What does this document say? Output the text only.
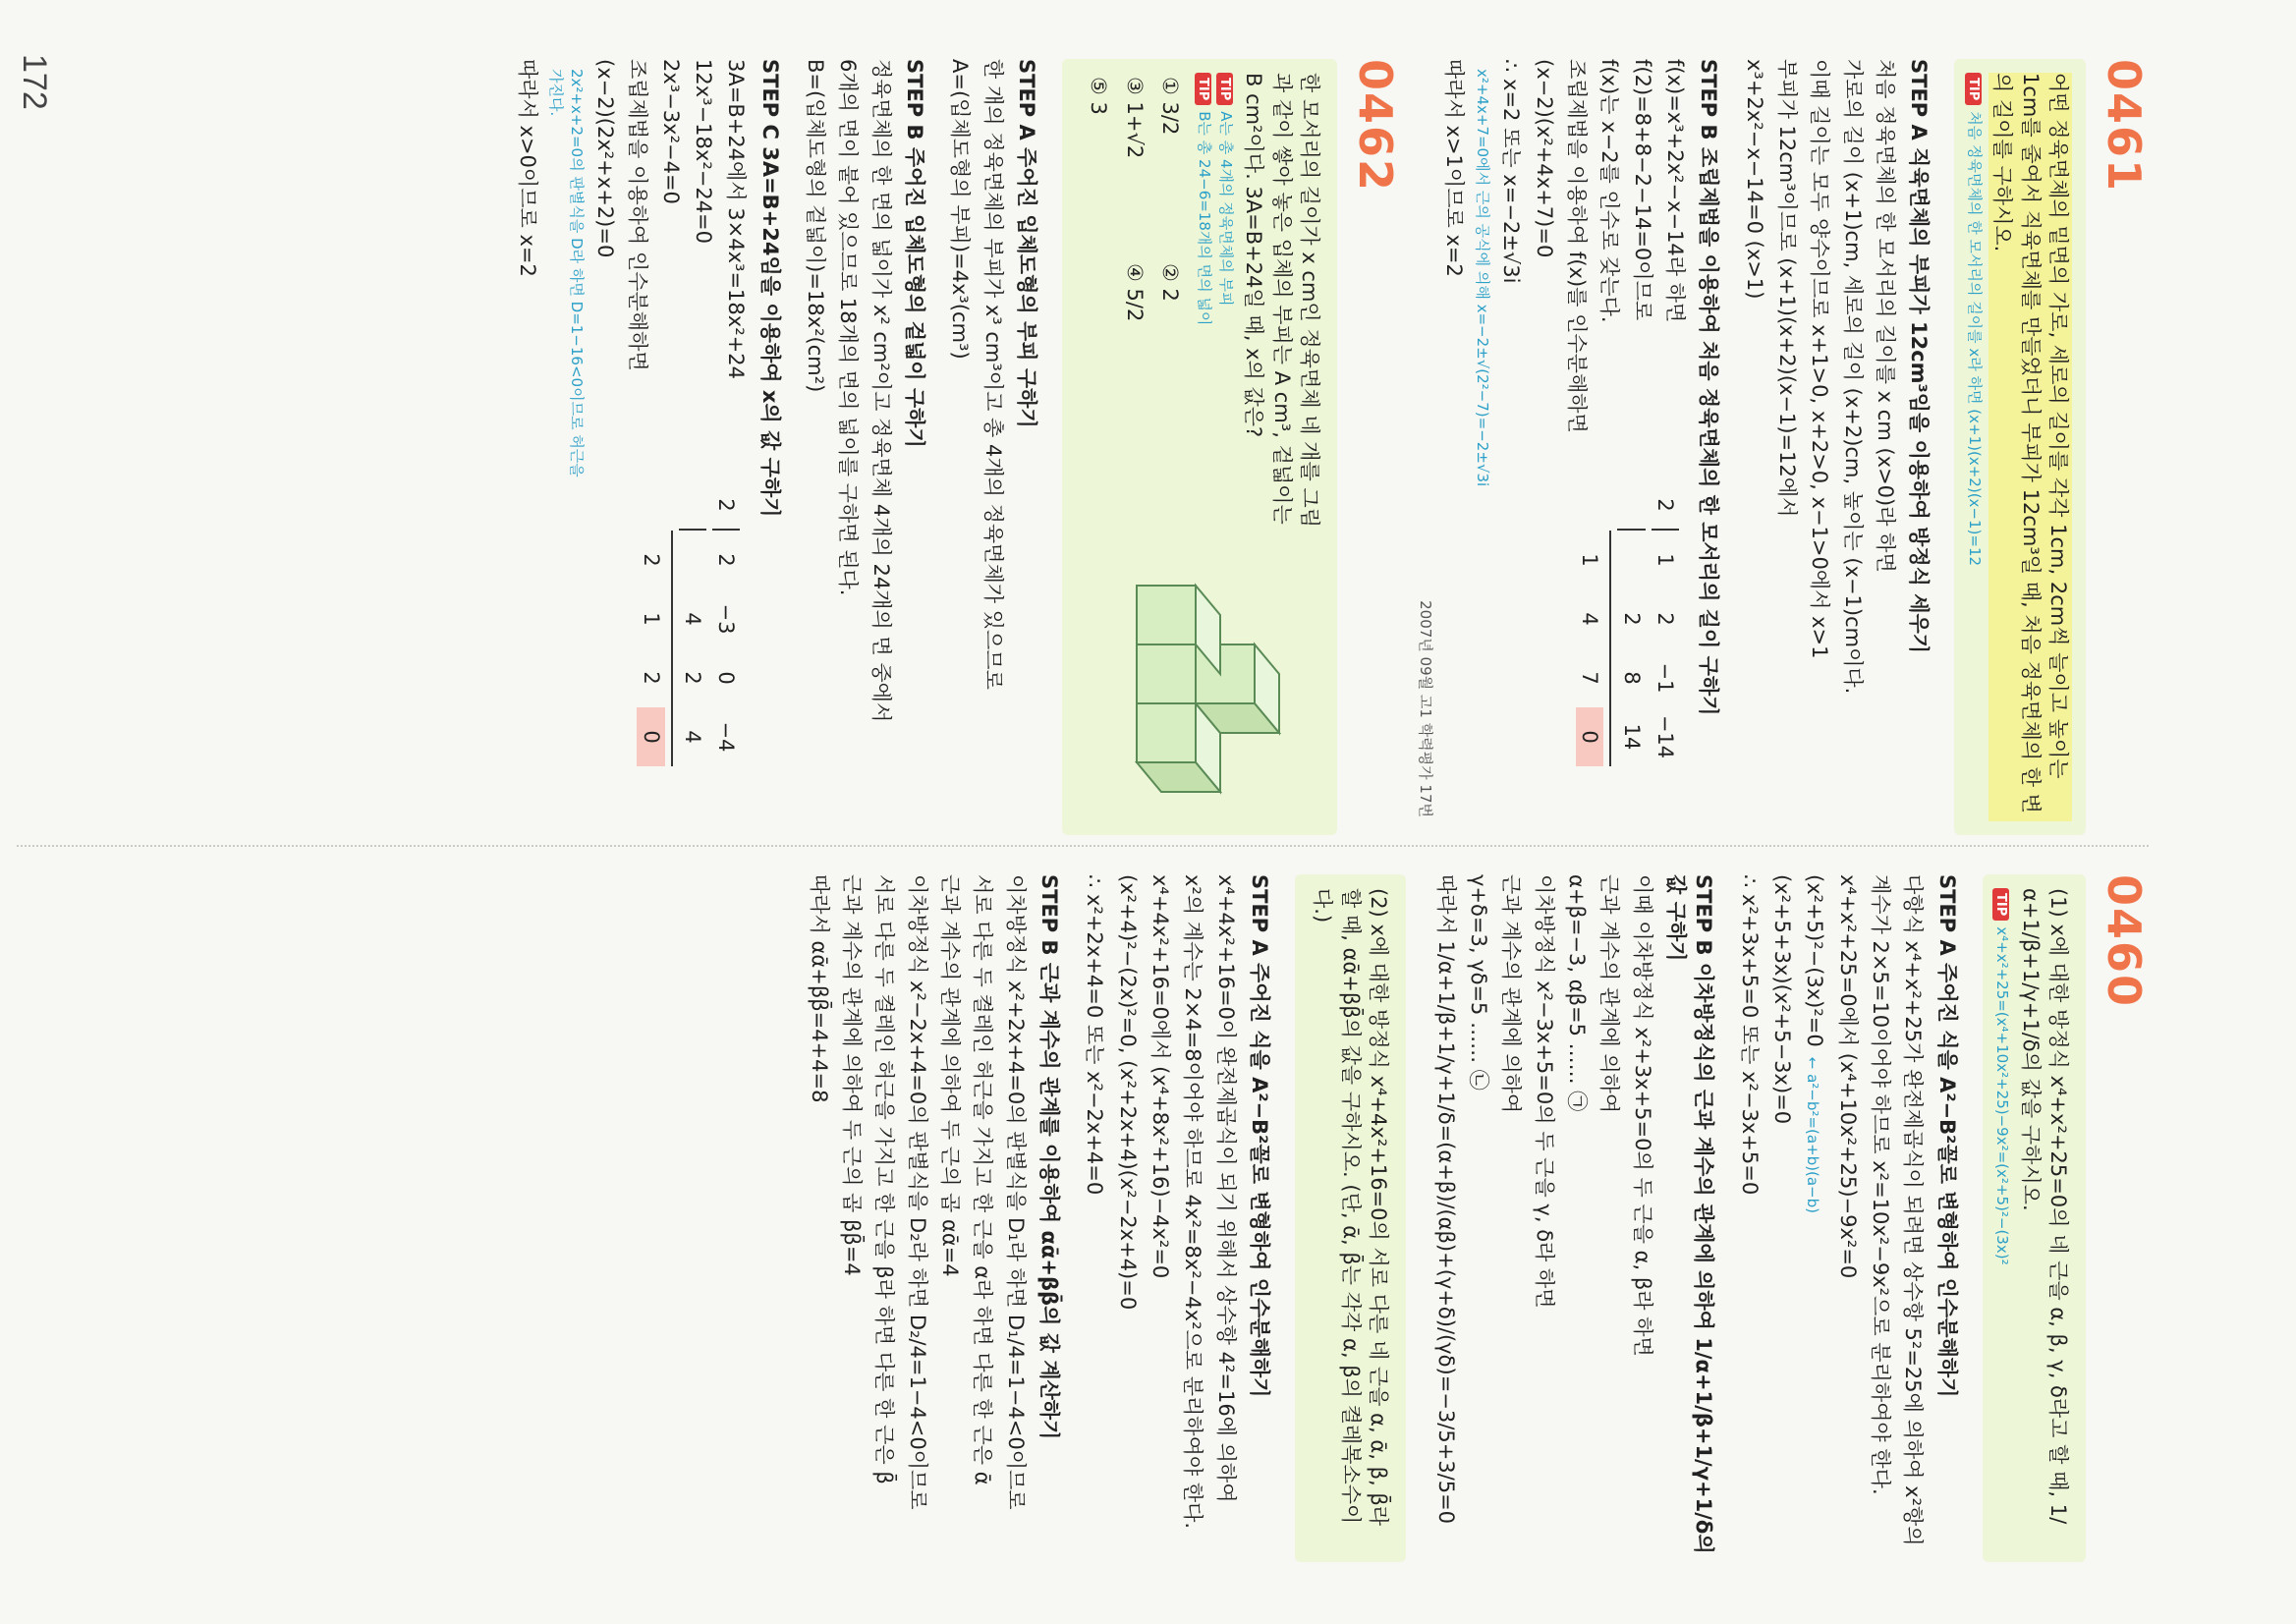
0461
어떤 정육면체의 밑면의 가로, 세로의 길이를 각각 1cm, 2cm씩 늘이고 높이는 1cm를 줄여서 직육면체를 만들었더니 부피가 12cm³일 때, 처음 정육면체의 한 변의 길이를 구하시오.
TIP처음 정육면체의 한 모서리의 길이를 x라 하면 (x+1)(x+2)(x−1)=12
STEP A 직육면체의 부피가 12cm³임을 이용하여 방정식 세우기
처음 정육면체의 한 모서리의 길이를 x cm (x>0)라 하면
가로의 길이 (x+1)cm, 세로의 길이 (x+2)cm, 높이는 (x−1)cm이다.
이때 길이는 모두 양수이므로 x+1>0, x+2>0, x−1>0에서 x>1
부피가 12cm³이므로 (x+1)(x+2)(x−1)=12에서
x³+2x²−x−14=0 (x>1)
STEP B 조립제법을 이용하여 처음 정육면체의 한 모서리의 길이 구하기
f(x)=x³+2x²−x−14라 하면
f(2)=8+8−2−14=0이므로
f(x)는 x−2를 인수로 갖는다.
조립제법을 이용하여 f(x)를 인수분해하면
(x−2)(x²+4x+7)=0
∴ x=2 또는 x=−2±√3i
x²+4x+7=0에서 근의 공식에 의해 x=−2±√(2²−7)=−2±√3i
따라서 x>1이므로 x=2
2
1
2
−1
−14
2
8
14
1
4
7
0
2007년 09월 고1 학력평가 17번
0462
한 모서리의 길이가 x cm인 정육면체 네 개를 그림과 같이 쌓아 놓은 입체의 부피는 A cm³, 겉넓이는 B cm²이다. 3A=B+24일 때, x의 값은?
TIPA는 총 4개의 정육면체의 부피
TIPB는 총 24−6=18개의 면의 넓이
① 3/2
② 2
③ 1+√2
④ 5/2
⑤ 3
STEP A 주어진 입체도형의 부피 구하기
한 개의 정육면체의 부피가 x³ cm³이고 총 4개의 정육면체가 있으므로
A=(입체도형의 부피)=4x³(cm³)
STEP B 주어진 입체도형의 겉넓이 구하기
정육면체의 한 면의 넓이가 x² cm²이고 정육면체 4개의 24개의 면 중에서
6개의 면이 붙어 있으므로 18개의 면의 넓이를 구하면 된다.
B=(입체도형의 겉넓이)=18x²(cm²)
STEP C 3A=B+24임을 이용하여 x의 값 구하기
3A=B+24에서 3×4x³=18x²+24
12x³−18x²−24=0
2x³−3x²−4=0
조립제법을 이용하여 인수분해하면
(x−2)(2x²+x+2)=0
2x²+x+2=0의 판별식을 D라 하면 D=1−16<0이므로 허근을 가진다.
따라서 x>0이므로 x=2
2
2
−3
0
−4
4
2
4
2
1
2
0
0460
(1) x에 대한 방정식 x⁴+x²+25=0의 네 근을 α, β, γ, δ라고 할 때, 1/α+1/β+1/γ+1/δ의 값을 구하시오.
TIPx⁴+x²+25=(x⁴+10x²+25)−9x²=(x²+5)²−(3x)²
STEP A 주어진 식을 A²−B²꼴로 변형하여 인수분해하기
다항식 x⁴+x²+25가 완전제곱식이 되려면 상수항 5²=25에 의하여 x²항의
계수가 2×5=10이어야 하므로 x²=10x²−9x²으로 분리하여야 한다.
x⁴+x²+25=0에서 (x⁴+10x²+25)−9x²=0
(x²+5)²−(3x)²=0← a²−b²=(a+b)(a−b)
(x²+5+3x)(x²+5−3x)=0
∴ x²+3x+5=0 또는 x²−3x+5=0
STEP B 이차방정식의 근과 계수의 관계에 의하여 1/α+1/β+1/γ+1/δ의 값 구하기
이때 이차방정식 x²+3x+5=0의 두 근을 α, β라 하면
근과 계수의 관계에 의하여
α+β=−3, αβ=5 …… ㉠
이차방정식 x²−3x+5=0의 두 근을 γ, δ라 하면
근과 계수의 관계에 의하여
γ+δ=3, γδ=5 …… ㉡
따라서 1/α+1/β+1/γ+1/δ=(α+β)/(αβ)+(γ+δ)/(γδ)=−3/5+3/5=0
(2) x에 대한 방정식 x⁴+4x²+16=0의 서로 다른 네 근을 α, ᾱ, β, β̄라 할 때, αᾱ+ββ̄의 값을 구하시오. (단, ᾱ, β̄는 각각 α, β의 켤레복소수이다.)
STEP A 주어진 식을 A²−B²꼴로 변형하여 인수분해하기
x⁴+4x²+16=0이 완전제곱식이 되기 위해서 상수항 4²=16에 의하여
x²의 계수는 2×4=8이어야 하므로 4x²=8x²−4x²으로 분리하여야 한다.
x⁴+4x²+16=0에서 (x⁴+8x²+16)−4x²=0
(x²+4)²−(2x)²=0, (x²+2x+4)(x²−2x+4)=0
∴ x²+2x+4=0 또는 x²−2x+4=0
STEP B 근과 계수의 관계를 이용하여 αᾱ+ββ̄의 값 계산하기
이차방정식 x²+2x+4=0의 판별식을 D₁라 하면 D₁/4=1−4<0이므로
서로 다른 두 켤레인 허근을 가지고 한 근을 α라 하면 다른 한 근은 ᾱ
근과 계수의 관계에 의하여 두 근의 곱 αᾱ=4
이차방정식 x²−2x+4=0의 판별식을 D₂라 하면 D₂/4=1−4<0이므로
서로 다른 두 켤레인 허근을 가지고 한 근을 β라 하면 다른 한 근은 β̄
근과 계수의 관계에 의하여 두 근의 곱 ββ̄=4
따라서 αᾱ+ββ̄=4+4=8
172
